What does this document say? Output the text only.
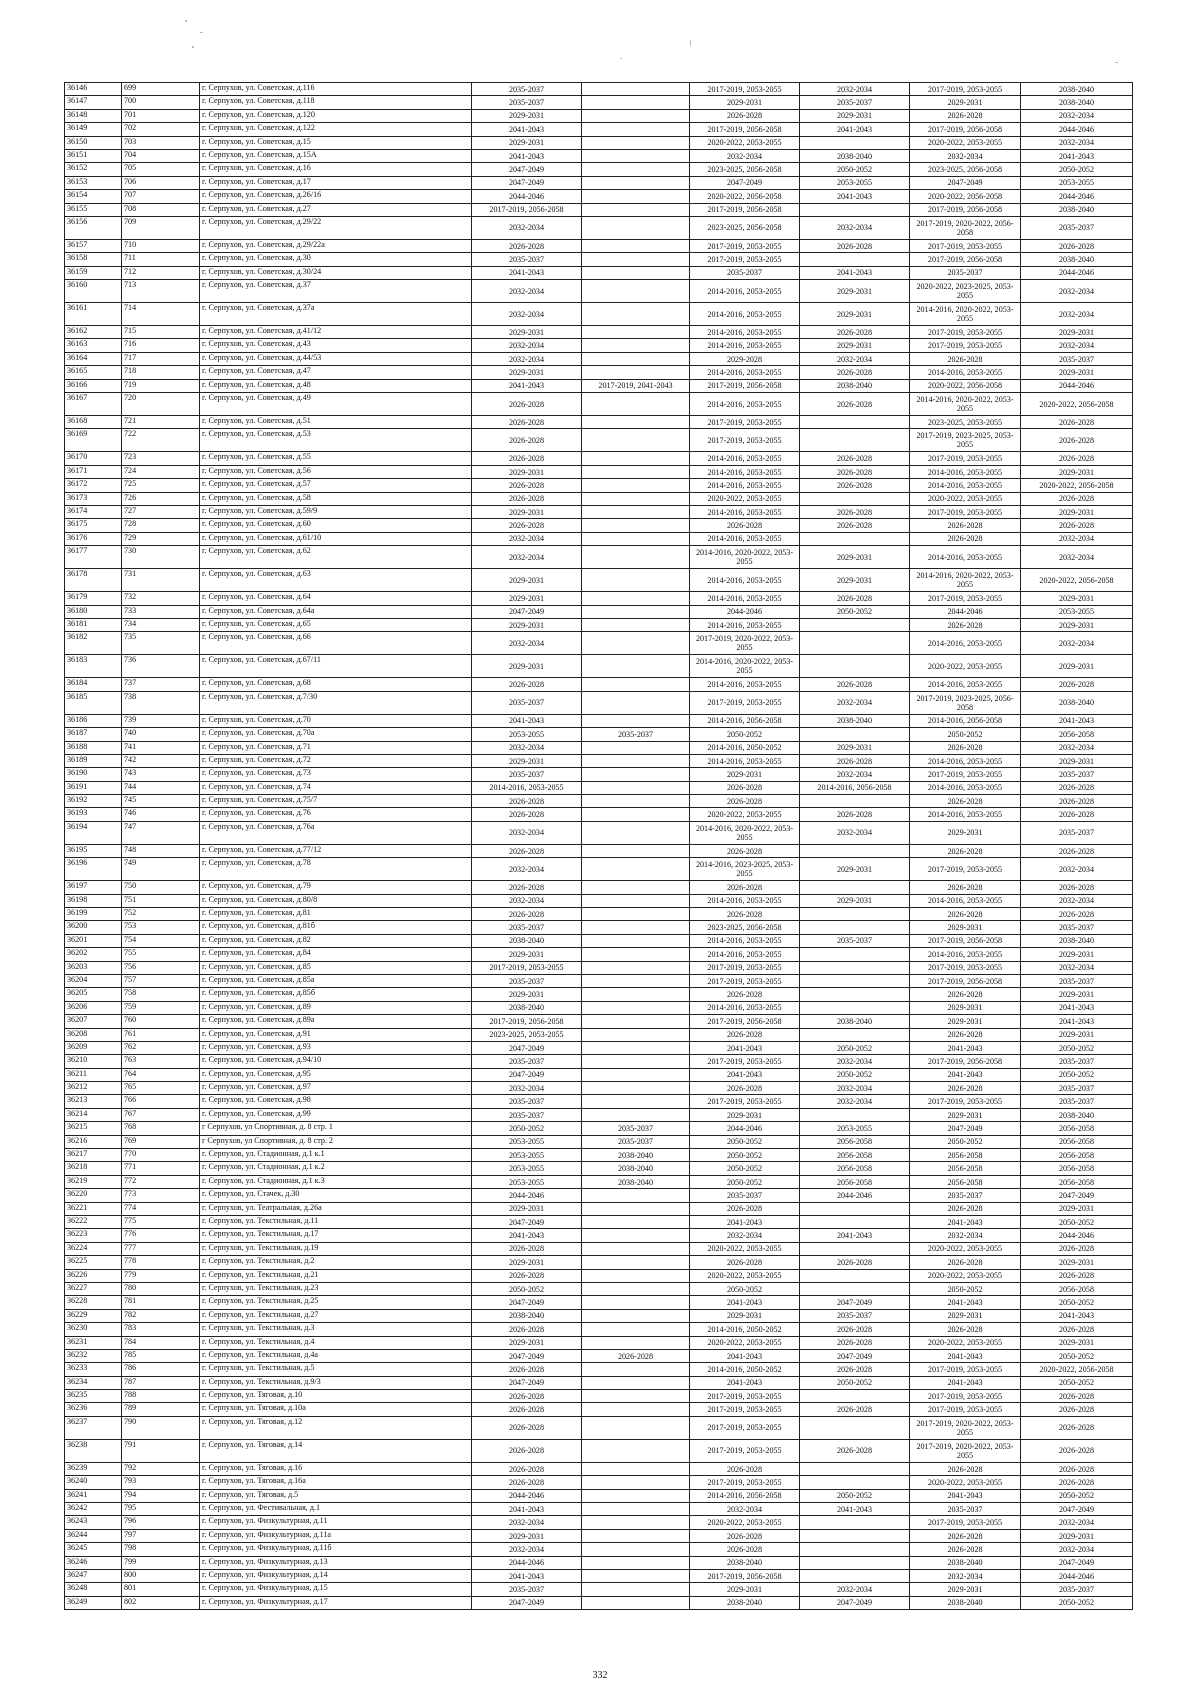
36146	699	г. Серпухов, ул. Советская, д.116	2035-2037		2017-2019, 2053-2055	2032-2034	2017-2019, 2053-2055	2038-2040
36147	700	г. Серпухов, ул. Советская, д.118	2035-2037		2029-2031	2035-2037	2029-2031	2038-2040
36148	701	г. Серпухов, ул. Советская, д.120	2029-2031		2026-2028	2029-2031	2026-2028	2032-2034
36149	702	г. Серпухов, ул. Советская, д.122	2041-2043		2017-2019, 2056-2058	2041-2043	2017-2019, 2056-2058	2044-2046
36150	703	г. Серпухов, ул. Советская, д.15	2029-2031		2020-2022, 2053-2055		2020-2022, 2053-2055	2032-2034
36151	704	г. Серпухов, ул. Советская, д.15А	2041-2043		2032-2034	2038-2040	2032-2034	2041-2043
36152	705	г. Серпухов, ул. Советская, д.16	2047-2049		2023-2025, 2056-2058	2050-2052	2023-2025, 2056-2058	2050-2052
36153	706	г. Серпухов, ул. Советская, д.17	2047-2049		2047-2049	2053-2055	2047-2049	2053-2055
36154	707	г. Серпухов, ул. Советская, д.26/16	2044-2046		2020-2022, 2056-2058	2041-2043	2020-2022, 2056-2058	2044-2046
36155	708	г. Серпухов, ул. Советская, д.27	2017-2019, 2056-2058		2017-2019, 2056-2058		2017-2019, 2056-2058	2038-2040
36156	709	г. Серпухов, ул. Советская, д.29/22	2032-2034		2023-2025, 2056-2058	2032-2034	2017-2019, 2020-2022, 2056-2058	2035-2037
36157	710	г. Серпухов, ул. Советская, д.29/22а	2026-2028		2017-2019, 2053-2055	2026-2028	2017-2019, 2053-2055	2026-2028
36158	711	г. Серпухов, ул. Советская, д.30	2035-2037		2017-2019, 2053-2055		2017-2019, 2056-2058	2038-2040
36159	712	г. Серпухов, ул. Советская, д.30/24	2041-2043		2035-2037	2041-2043	2035-2037	2044-2046
36160	713	г. Серпухов, ул. Советская, д.37	2032-2034		2014-2016, 2053-2055	2029-2031	2020-2022, 2023-2025, 2053-2055	2032-2034
36161	714	г. Серпухов, ул. Советская, д.37а	2032-2034		2014-2016, 2053-2055	2029-2031	2014-2016, 2020-2022, 2053-2055	2032-2034
36162	715	г. Серпухов, ул. Советская, д.41/12	2029-2031		2014-2016, 2053-2055	2026-2028	2017-2019, 2053-2055	2029-2031
36163	716	г. Серпухов, ул. Советская, д.43	2032-2034		2014-2016, 2053-2055	2029-2031	2017-2019, 2053-2055	2032-2034
36164	717	г. Серпухов, ул. Советская, д.44/53	2032-2034		2029-2028	2032-2034	2026-2028	2035-2037
36165	718	г. Серпухов, ул. Советская, д.47	2029-2031		2014-2016, 2053-2055	2026-2028	2014-2016, 2053-2055	2029-2031
36166	719	г. Серпухов, ул. Советская, д.48	2041-2043	2017-2019, 2041-2043	2017-2019, 2056-2058	2038-2040	2020-2022, 2056-2058	2044-2046
36167	720	г. Серпухов, ул. Советская, д.49	2026-2028		2014-2016, 2053-2055	2026-2028	2014-2016, 2020-2022, 2053-2055	2020-2022, 2056-2058
36168	721	г. Серпухов, ул. Советская, д.51	2026-2028		2017-2019, 2053-2055		2023-2025, 2053-2055	2026-2028
36169	722	г. Серпухов, ул. Советская, д.53	2026-2028		2017-2019, 2053-2055		2017-2019, 2023-2025, 2053-2055	2026-2028
36170	723	г. Серпухов, ул. Советская, д.55	2026-2028		2014-2016, 2053-2055	2026-2028	2017-2019, 2053-2055	2026-2028
36171	724	г. Серпухов, ул. Советская, д.56	2029-2031		2014-2016, 2053-2055	2026-2028	2014-2016, 2053-2055	2029-2031
36172	725	г. Серпухов, ул. Советская, д.57	2026-2028		2014-2016, 2053-2055	2026-2028	2014-2016, 2053-2055	2020-2022, 2056-2058
36173	726	г. Серпухов, ул. Советская, д.58	2026-2028		2020-2022, 2053-2055		2020-2022, 2053-2055	2026-2028
36174	727	г. Серпухов, ул. Советская, д.59/9	2029-2031		2014-2016, 2053-2055	2026-2028	2017-2019, 2053-2055	2029-2031
36175	728	г. Серпухов, ул. Советская, д.60	2026-2028		2026-2028	2026-2028	2026-2028	2026-2028
36176	729	г. Серпухов, ул. Советская, д.61/10	2032-2034		2014-2016, 2053-2055		2026-2028	2032-2034
36177	730	г. Серпухов, ул. Советская, д.62	2032-2034		2014-2016, 2020-2022, 2053-2055	2029-2031	2014-2016, 2053-2055	2032-2034
36178	731	г. Серпухов, ул. Советская, д.63	2029-2031		2014-2016, 2053-2055	2029-2031	2014-2016, 2020-2022, 2053-2055	2020-2022, 2056-2058
36179	732	г. Серпухов, ул. Советская, д.64	2029-2031		2014-2016, 2053-2055	2026-2028	2017-2019, 2053-2055	2029-2031
36180	733	г. Серпухов, ул. Советская, д.64а	2047-2049		2044-2046	2050-2052	2044-2046	2053-2055
36181	734	г. Серпухов, ул. Советская, д.65	2029-2031		2014-2016, 2053-2055		2026-2028	2029-2031
36182	735	г. Серпухов, ул. Советская, д.66	2032-2034		2017-2019, 2020-2022, 2053-2055		2014-2016, 2053-2055	2032-2034
36183	736	г. Серпухов, ул. Советская, д.67/11	2029-2031		2014-2016, 2020-2022, 2053-2055		2020-2022, 2053-2055	2029-2031
36184	737	г. Серпухов, ул. Советская, д.68	2026-2028		2014-2016, 2053-2055	2026-2028	2014-2016, 2053-2055	2026-2028
36185	738	г. Серпухов, ул. Советская, д.7/30	2035-2037		2017-2019, 2053-2055	2032-2034	2017-2019, 2023-2025, 2056-2058	2038-2040
36186	739	г. Серпухов, ул. Советская, д.70	2041-2043		2014-2016, 2056-2058	2038-2040	2014-2016, 2056-2058	2041-2043
36187	740	г. Серпухов, ул. Советская, д.70а	2053-2055	2035-2037	2050-2052		2050-2052	2056-2058
36188	741	г. Серпухов, ул. Советская, д.71	2032-2034		2014-2016, 2050-2052	2029-2031	2026-2028	2032-2034
36189	742	г. Серпухов, ул. Советская, д.72	2029-2031		2014-2016, 2053-2055	2026-2028	2014-2016, 2053-2055	2029-2031
36190	743	г. Серпухов, ул. Советская, д.73	2035-2037		2029-2031	2032-2034	2017-2019, 2053-2055	2035-2037
36191	744	г. Серпухов, ул. Советская, д.74	2014-2016, 2053-2055		2026-2028	2014-2016, 2056-2058	2014-2016, 2053-2055	2026-2028
36192	745	г. Серпухов, ул. Советская, д.75/7	2026-2028		2026-2028		2026-2028	2026-2028
36193	746	г. Серпухов, ул. Советская, д.76	2026-2028		2020-2022, 2053-2055	2026-2028	2014-2016, 2053-2055	2026-2028
36194	747	г. Серпухов, ул. Советская, д.76а	2032-2034		2014-2016, 2020-2022, 2053-2055	2032-2034	2029-2031	2035-2037
36195	748	г. Серпухов, ул. Советская, д.77/12	2026-2028		2026-2028		2026-2028	2026-2028
36196	749	г. Серпухов, ул. Советская, д.78	2032-2034		2014-2016, 2023-2025, 2053-2055	2029-2031	2017-2019, 2053-2055	2032-2034
36197	750	г. Серпухов, ул. Советская, д.79	2026-2028		2026-2028		2026-2028	2026-2028
36198	751	г. Серпухов, ул. Советская, д.80/8	2032-2034		2014-2016, 2053-2055	2029-2031	2014-2016, 2053-2055	2032-2034
36199	752	г. Серпухов, ул. Советская, д.81	2026-2028		2026-2028		2026-2028	2026-2028
36200	753	г. Серпухов, ул. Советская, д.81б	2035-2037		2023-2025, 2056-2058		2029-2031	2035-2037
36201	754	г. Серпухов, ул. Советская, д.82	2038-2040		2014-2016, 2053-2055	2035-2037	2017-2019, 2056-2058	2038-2040
36202	755	г. Серпухов, ул. Советская, д.84	2029-2031		2014-2016, 2053-2055		2014-2016, 2053-2055	2029-2031
36203	756	г. Серпухов, ул. Советская, д.85	2017-2019, 2053-2055		2017-2019, 2053-2055		2017-2019, 2053-2055	2032-2034
36204	757	г. Серпухов, ул. Советская, д.85а	2035-2037		2017-2019, 2053-2055		2017-2019, 2056-2058	2035-2037
36205	758	г. Серпухов, ул. Советская, д.85б	2029-2031		2026-2028		2026-2028	2029-2031
36206	759	г. Серпухов, ул. Советская, д.89	2038-2040		2014-2016, 2053-2055		2029-2031	2041-2043
36207	760	г. Серпухов, ул. Советская, д.89а	2017-2019, 2056-2058		2017-2019, 2056-2058	2038-2040	2029-2031	2041-2043
36208	761	г. Серпухов, ул. Советская, д.91	2023-2025, 2053-2055		2026-2028		2026-2028	2029-2031
36209	762	г. Серпухов, ул. Советская, д.93	2047-2049		2041-2043	2050-2052	2041-2043	2050-2052
36210	763	г. Серпухов, ул. Советская, д.94/10	2035-2037		2017-2019, 2053-2055	2032-2034	2017-2019, 2056-2058	2035-2037
36211	764	г. Серпухов, ул. Советская, д.95	2047-2049		2041-2043	2050-2052	2041-2043	2050-2052
36212	765	г. Серпухов, ул. Советская, д.97	2032-2034		2026-2028	2032-2034	2026-2028	2035-2037
36213	766	г. Серпухов, ул. Советская, д.98	2035-2037		2017-2019, 2053-2055	2032-2034	2017-2019, 2053-2055	2035-2037
36214	767	г. Серпухов, ул. Советская, д.99	2035-2037		2029-2031		2029-2031	2038-2040
36215	768	г Серпухов, ул Спортивная, д. 8 стр. 1	2050-2052	2035-2037	2044-2046	2053-2055	2047-2049	2056-2058
36216	769	г Серпухов, ул Спортивная, д. 8 стр. 2	2053-2055	2035-2037	2050-2052	2056-2058	2050-2052	2056-2058
36217	770	г. Серпухов, ул. Стадионная, д.1 к.1	2053-2055	2038-2040	2050-2052	2056-2058	2056-2058	2056-2058
36218	771	г. Серпухов, ул. Стадионная, д.1 к.2	2053-2055	2038-2040	2050-2052	2056-2058	2056-2058	2056-2058
36219	772	г. Серпухов, ул. Стадионная, д.1 к.3	2053-2055	2038-2040	2050-2052	2056-2058	2056-2058	2056-2058
36220	773	г. Серпухов, ул. Стачек, д.30	2044-2046		2035-2037	2044-2046	2035-2037	2047-2049
36221	774	г. Серпухов, ул. Театральная, д.26а	2029-2031		2026-2028		2026-2028	2029-2031
36222	775	г. Серпухов, ул. Текстильная, д.11	2047-2049		2041-2043		2041-2043	2050-2052
36223	776	г. Серпухов, ул. Текстильная, д.17	2041-2043		2032-2034	2041-2043	2032-2034	2044-2046
36224	777	г. Серпухов, ул. Текстильная, д.19	2026-2028		2020-2022, 2053-2055		2020-2022, 2053-2055	2026-2028
36225	778	г. Серпухов, ул. Текстильная, д.2	2029-2031		2026-2028	2026-2028	2026-2028	2029-2031
36226	779	г. Серпухов, ул. Текстильная, д.21	2026-2028		2020-2022, 2053-2055		2020-2022, 2053-2055	2026-2028
36227	780	г. Серпухов, ул. Текстильная, д.23	2050-2052		2050-2052		2050-2052	2056-2058
36228	781	г. Серпухов, ул. Текстильная, д.25	2047-2049		2041-2043	2047-2049	2041-2043	2050-2052
36229	782	г. Серпухов, ул. Текстильная, д.27	2038-2040		2029-2031	2035-2037	2029-2031	2041-2043
36230	783	г. Серпухов, ул. Текстильная, д.3	2026-2028		2014-2016, 2050-2052	2026-2028	2026-2028	2026-2028
36231	784	г. Серпухов, ул. Текстильная, д.4	2029-2031		2020-2022, 2053-2055	2026-2028	2020-2022, 2053-2055	2029-2031
36232	785	г. Серпухов, ул. Текстильная, д.4а	2047-2049	2026-2028	2041-2043	2047-2049	2041-2043	2050-2052
36233	786	г. Серпухов, ул. Текстильная, д.5	2026-2028		2014-2016, 2050-2052	2026-2028	2017-2019, 2053-2055	2020-2022, 2056-2058
36234	787	г. Серпухов, ул. Текстильная, д.9/3	2047-2049		2041-2043	2050-2052	2041-2043	2050-2052
36235	788	г. Серпухов, ул. Тяговая, д.10	2026-2028		2017-2019, 2053-2055		2017-2019, 2053-2055	2026-2028
36236	789	г. Серпухов, ул. Тяговая, д.10а	2026-2028		2017-2019, 2053-2055	2026-2028	2017-2019, 2053-2055	2026-2028
36237	790	г. Серпухов, ул. Тяговая, д.12	2026-2028		2017-2019, 2053-2055		2017-2019, 2020-2022, 2053-2055	2026-2028
36238	791	г. Серпухов, ул. Тяговая, д.14	2026-2028		2017-2019, 2053-2055	2026-2028	2017-2019, 2020-2022, 2053-2055	2026-2028
36239	792	г. Серпухов, ул. Тяговая, д.16	2026-2028		2026-2028		2026-2028	2026-2028
36240	793	г. Серпухов, ул. Тяговая, д.16а	2026-2028		2017-2019, 2053-2055		2020-2022, 2053-2055	2026-2028
36241	794	г. Серпухов, ул. Тяговая, д.5	2044-2046		2014-2016, 2056-2058	2050-2052	2041-2043	2050-2052
36242	795	г. Серпухов, ул. Фестивальная, д.1	2041-2043		2032-2034	2041-2043	2035-2037	2047-2049
36243	796	г. Серпухов, ул. Физкультурная, д.11	2032-2034		2020-2022, 2053-2055		2017-2019, 2053-2055	2032-2034
36244	797	г. Серпухов, ул. Физкультурная, д.11а	2029-2031		2026-2028		2026-2028	2029-2031
36245	798	г. Серпухов, ул. Физкультурная, д.11б	2032-2034		2026-2028		2026-2028	2032-2034
36246	799	г. Серпухов, ул. Физкультурная, д.13	2044-2046		2038-2040		2038-2040	2047-2049
36247	800	г. Серпухов, ул. Физкультурная, д.14	2041-2043		2017-2019, 2056-2058		2032-2034	2044-2046
36248	801	г. Серпухов, ул. Физкультурная, д.15	2035-2037		2029-2031	2032-2034	2029-2031	2035-2037
36249	802	г. Серпухов, ул. Физкультурная, д.17	2047-2049		2038-2040	2047-2049	2038-2040	2050-2052
332
